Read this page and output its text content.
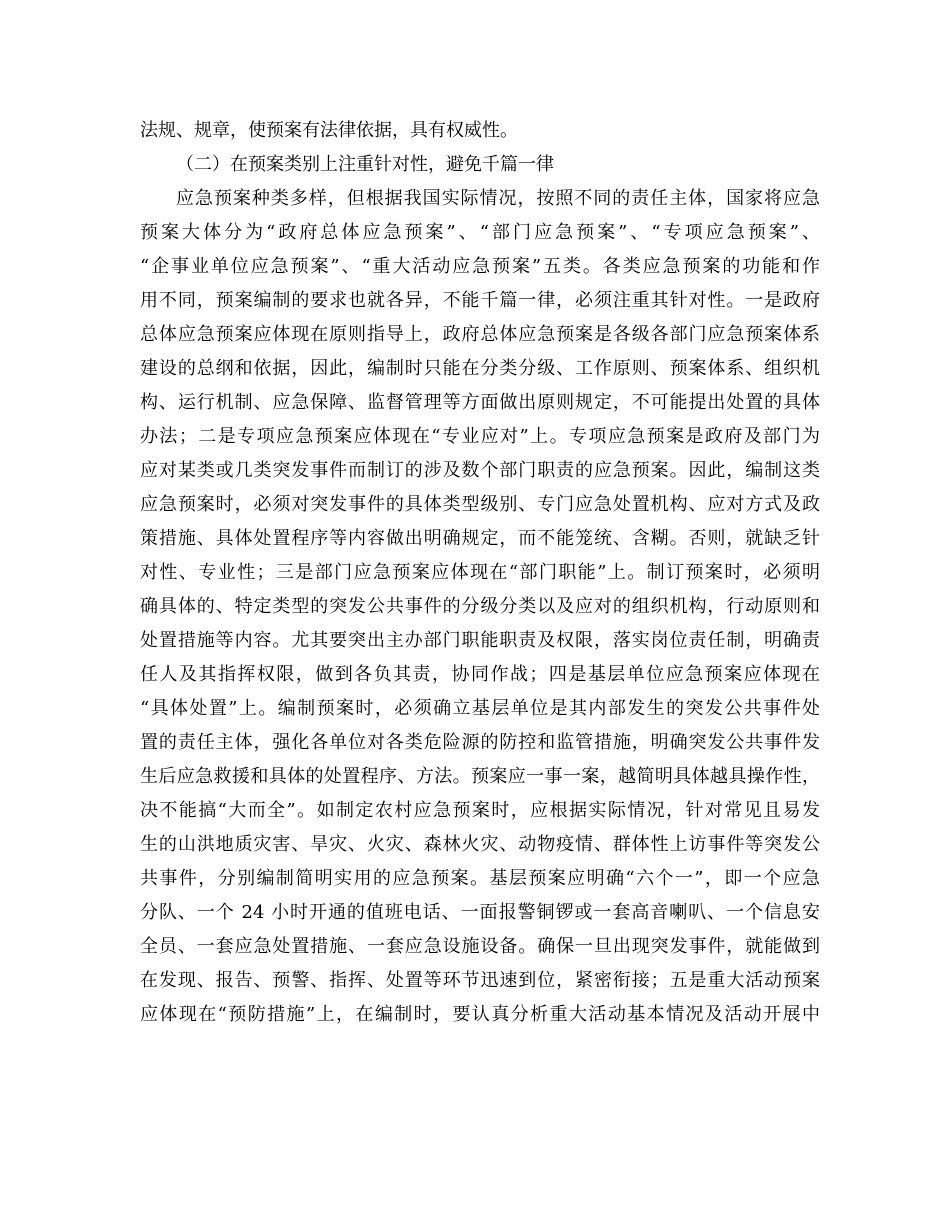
法规、规章，使预案有法律依据，具有权威性。
（二）在预案类别上注重针对性，避免千篇一律
应急预案种类多样，但根据我国实际情况，按照不同的责任主体，国家将应急
预案大体分为“政府总体应急预案”、“部门应急预案”、“专项应急预案”、
“企事业单位应急预案”、“重大活动应急预案”五类。各类应急预案的功能和作
用不同，预案编制的要求也就各异，不能千篇一律，必须注重其针对性。一是政府
总体应急预案应体现在原则指导上，政府总体应急预案是各级各部门应急预案体系
建设的总纲和依据，因此，编制时只能在分类分级、工作原则、预案体系、组织机
构、运行机制、应急保障、监督管理等方面做出原则规定，不可能提出处置的具体
办法；二是专项应急预案应体现在“专业应对”上。专项应急预案是政府及部门为
应对某类或几类突发事件而制订的涉及数个部门职责的应急预案。因此，编制这类
应急预案时，必须对突发事件的具体类型级别、专门应急处置机构、应对方式及政
策措施、具体处置程序等内容做出明确规定，而不能笼统、含糊。否则，就缺乏针
对性、专业性；三是部门应急预案应体现在“部门职能”上。制订预案时，必须明
确具体的、特定类型的突发公共事件的分级分类以及应对的组织机构，行动原则和
处置措施等内容。尤其要突出主办部门职能职责及权限，落实岗位责任制，明确责
任人及其指挥权限，做到各负其责，协同作战；四是基层单位应急预案应体现在
“具体处置”上。编制预案时，必须确立基层单位是其内部发生的突发公共事件处
置的责任主体，强化各单位对各类危险源的防控和监管措施，明确突发公共事件发
生后应急救援和具体的处置程序、方法。预案应一事一案，越简明具体越具操作性，
决不能搞“大而全”。如制定农村应急预案时，应根据实际情况，针对常见且易发
生的山洪地质灾害、旱灾、火灾、森林火灾、动物疫情、群体性上访事件等突发公
共事件，分别编制简明实用的应急预案。基层预案应明确“六个一”，即一个应急
分队、一个 24 小时开通的值班电话、一面报警铜锣或一套高音喇叭、一个信息安
全员、一套应急处置措施、一套应急设施设备。确保一旦出现突发事件，就能做到
在发现、报告、预警、指挥、处置等环节迅速到位，紧密衔接；五是重大活动预案
应体现在“预防措施”上，在编制时，要认真分析重大活动基本情况及活动开展中
